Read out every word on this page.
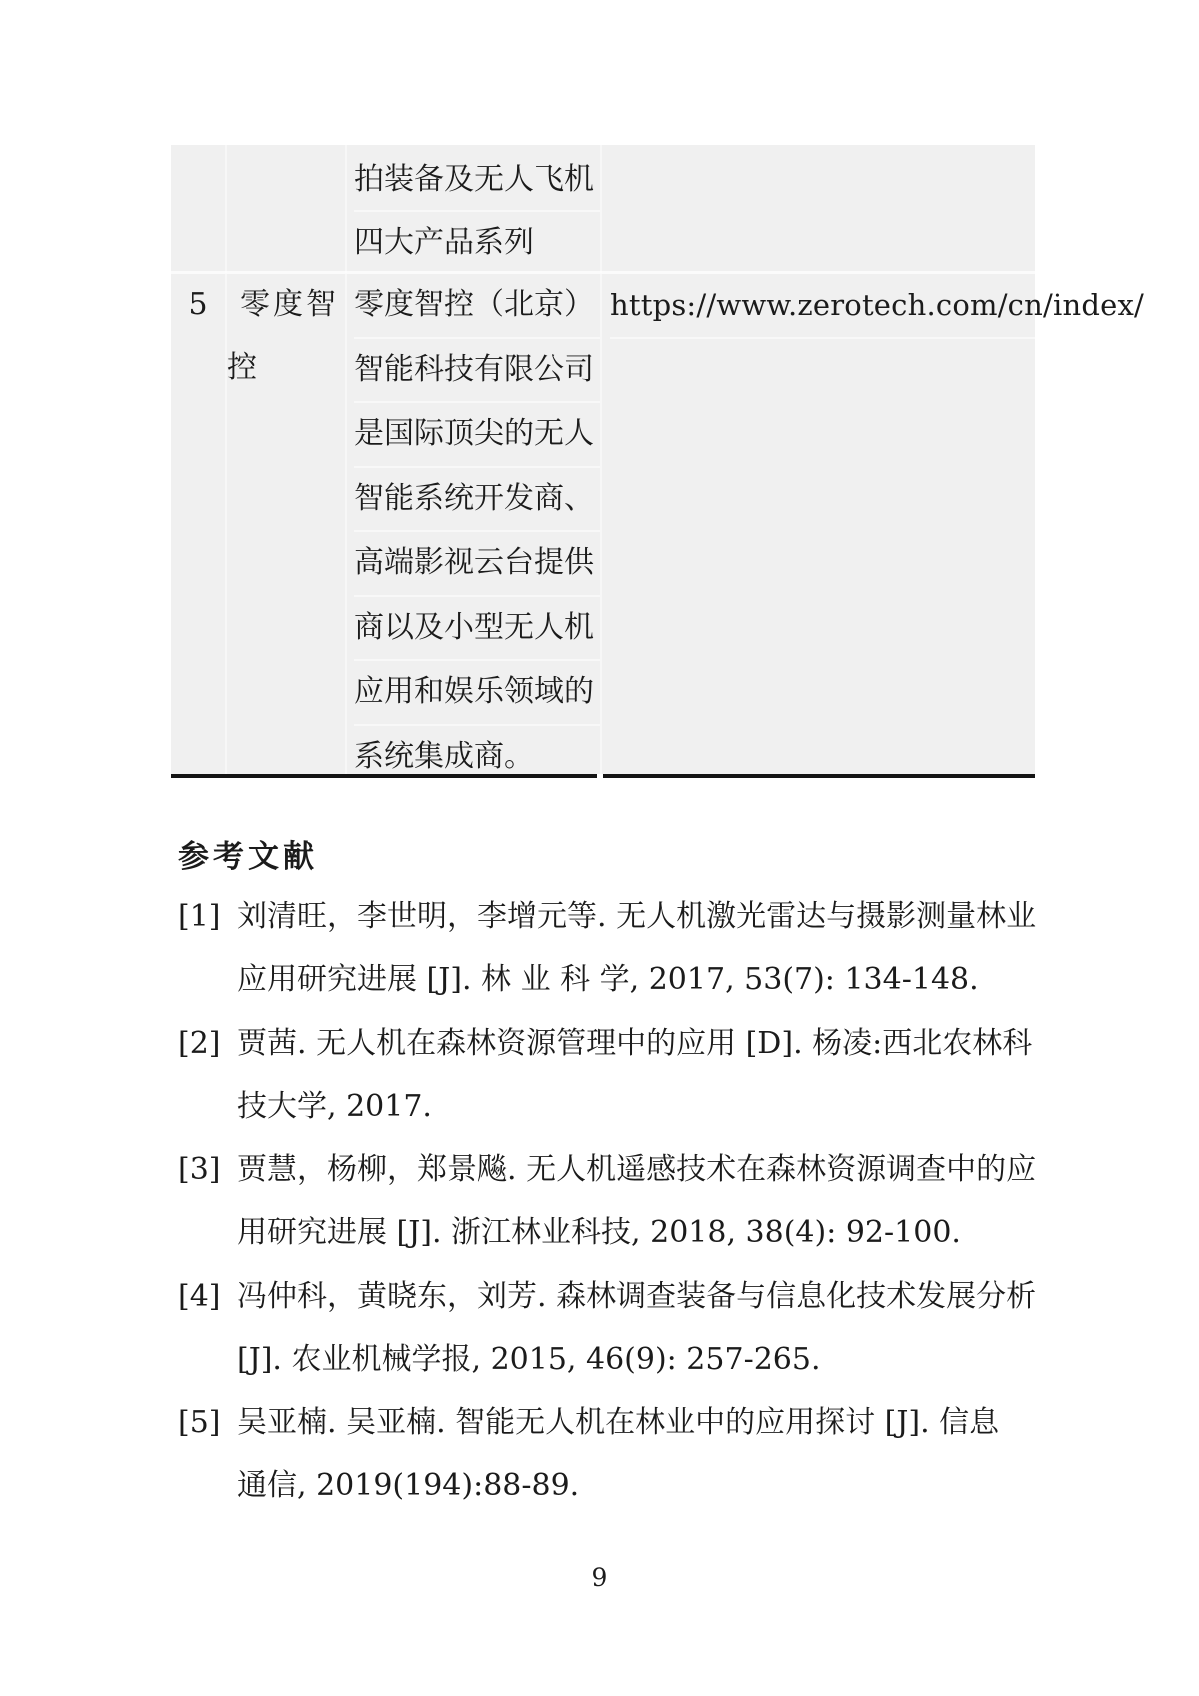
拍装备及无人飞机
四大产品系列
5	零度智
控
零度智控（北京）
智能科技有限公司
是国际顶尖的无人
智能系统开发商、
高端影视云台提供
商以及小型无人机
应用和娱乐领域的
系统集成商。
https://www.zerotech.com/cn/index/
参考文献
[1] 刘清旺，李世明，李增元等. 无人机激光雷达与摄影测量林业
应用研究进展 [J]. 林 业 科 学, 2017, 53(7): 134-148.
[2] 贾茜. 无人机在森林资源管理中的应用 [D]. 杨凌:西北农林科
技大学, 2017.
[3] 贾慧，杨柳，郑景飚. 无人机遥感技术在森林资源调查中的应
用研究进展 [J]. 浙江林业科技, 2018, 38(4): 92-100.
[4] 冯仲科，黄晓东，刘芳. 森林调查装备与信息化技术发展分析
[J]. 农业机械学报, 2015, 46(9): 257-265.
[5] 吴亚楠. 吴亚楠. 智能无人机在林业中的应用探讨 [J]. 信息
通信, 2019(194):88-89.
9
